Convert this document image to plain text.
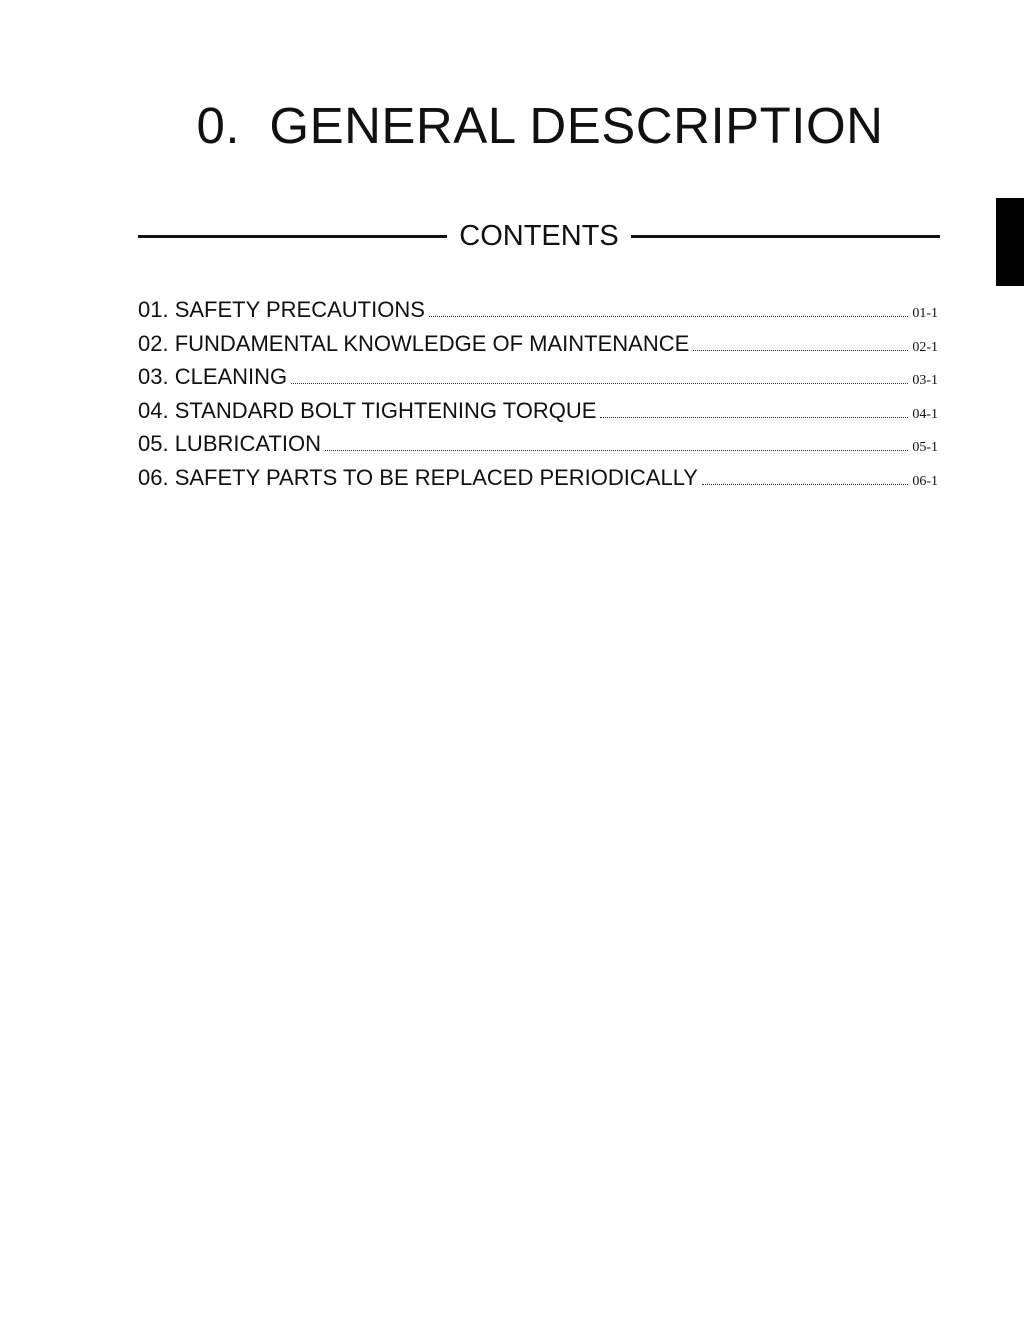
0.  GENERAL DESCRIPTION
CONTENTS
01. SAFETY PRECAUTIONS	01-1
02. FUNDAMENTAL KNOWLEDGE OF MAINTENANCE	02-1
03. CLEANING	03-1
04. STANDARD BOLT TIGHTENING TORQUE	04-1
05. LUBRICATION	05-1
06. SAFETY PARTS TO BE REPLACED PERIODICALLY	06-1
